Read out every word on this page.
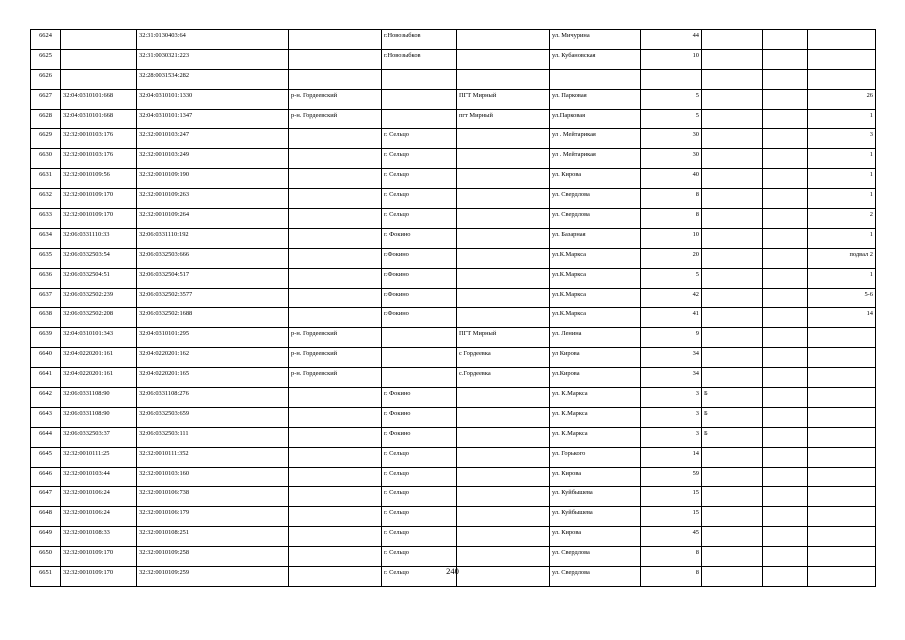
6624		32:31:0130403:64		г.Новозыбков		ул. Мичурина	44			
6625		32:31:0030321:223		г.Новозыбков		ул. Кубановская	10			
6626		32:28:0031534:282								
6627	32:04:0310101:668	32:04:0310101:1330	р-н. Гордеевский		ПГТ Мирный	ул. Парковая	5			26
6628	32:04:0310101:668	32:04:0310101:1347	р-н. Гордеевский		пгт Мирный	ул.Парковая	5			1
6629	32:32:0010103:176	32:32:0010103:247		г. Сельцо		ул . Мейтарикая	30			3
6630	32:32:0010103:176	32:32:0010103:249		г. Сельцо		ул . Мейтарикая	30			1
6631	32:32:0010109:56	32:32:0010109:190		г. Сельцо		ул. Кирова	40			1
6632	32:32:0010109:170	32:32:0010109:263		г. Сельцо		ул. Свердлова	8			1
6633	32:32:0010109:170	32:32:0010109:264		г. Сельцо		ул. Свердлова	8			2
6634	32:06:0331110:33	32:06:0331110:192		г. Фокино		ул. Базарная	10			1
6635	32:06:0332503:54	32:06:0332503:666		г.Фокино		ул.К.Маркса	20			подвал 2
6636	32:06:0332504:51	32:06:0332504:517		г.Фокино		ул.К.Маркса	5			1
6637	32:06:0332502:239	32:06:0332502:3577		г.Фокино		ул.К.Маркса	42			5-6
6638	32:06:0332502:208	32:06:0332502:1688		г.Фокино		ул.К.Маркса	41			14
6639	32:04:0310101:343	32:04:0310101:295	р-н. Гордеевский		ПГТ Мирный	ул. Ленина	9			
6640	32:04:0220201:161	32:04:0220201:162	р-н. Гордеевский		с Гордеевка	ул Кирова	34			
6641	32:04:0220201:161	32:04:0220201:165	р-н. Гордеевский		с.Гордеевка	ул.Кирова	34			
6642	32:06:0331108:90	32:06:0331108:276		г. Фокино		ул. К.Маркса	3	Б		
6643	32:06:0331108:90	32:06:0332503:659		г. Фокино		ул. К.Маркса	3	Б		
6644	32:06:0332503:37	32:06:0332503:111		г. Фокино		ул. К.Маркса	3	Б		
6645	32:32:0010111:25	32:32:0010111:352		г. Сельцо		ул. Горького	14			
6646	32:32:0010103:44	32:32:0010103:160		г. Сельцо		ул. Кирова	59			
6647	32:32:0010106:24	32:32:0010106:738		г. Сельцо		ул. Куйбышева	15			
6648	32:32:0010106:24	32:32:0010106:179		г. Сельцо		ул. Куйбышева	15			
6649	32:32:0010108:33	32:32:0010108:251		г. Сельцо		ул. Кирова	45			
6650	32:32:0010109:170	32:32:0010109:258		г. Сельцо		ул. Свердлова	8			
6651	32:32:0010109:170	32:32:0010109:259		г. Сельцо		ул. Свердлова	8			
240
